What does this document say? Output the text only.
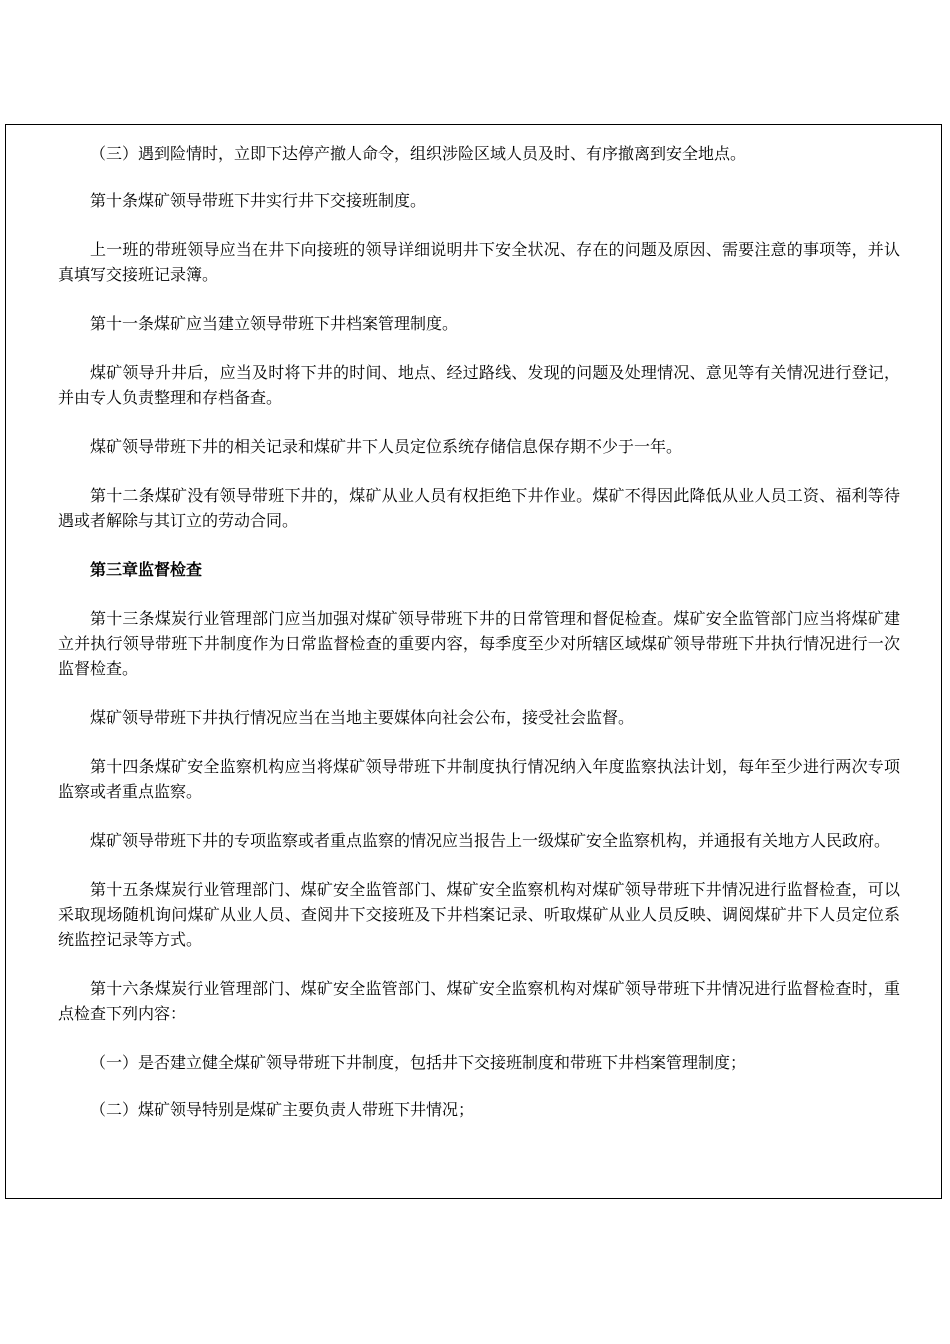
（三）遇到险情时，立即下达停产撤人命令，组织涉险区域人员及时、有序撤离到安全地点。

第十条煤矿领导带班下井实行井下交接班制度。

上一班的带班领导应当在井下向接班的领导详细说明井下安全状况、存在的问题及原因、需要注意的事项等，并认真填写交接班记录簿。

第十一条煤矿应当建立领导带班下井档案管理制度。

煤矿领导升井后，应当及时将下井的时间、地点、经过路线、发现的问题及处理情况、意见等有关情况进行登记，并由专人负责整理和存档备查。

煤矿领导带班下井的相关记录和煤矿井下人员定位系统存储信息保存期不少于一年。

第十二条煤矿没有领导带班下井的，煤矿从业人员有权拒绝下井作业。煤矿不得因此降低从业人员工资、福利等待遇或者解除与其订立的劳动合同。

第三章监督检查

第十三条煤炭行业管理部门应当加强对煤矿领导带班下井的日常管理和督促检查。煤矿安全监管部门应当将煤矿建立并执行领导带班下井制度作为日常监督检查的重要内容，每季度至少对所辖区域煤矿领导带班下井执行情况进行一次监督检查。

煤矿领导带班下井执行情况应当在当地主要媒体向社会公布，接受社会监督。

第十四条煤矿安全监察机构应当将煤矿领导带班下井制度执行情况纳入年度监察执法计划，每年至少进行两次专项监察或者重点监察。

煤矿领导带班下井的专项监察或者重点监察的情况应当报告上一级煤矿安全监察机构，并通报有关地方人民政府。

第十五条煤炭行业管理部门、煤矿安全监管部门、煤矿安全监察机构对煤矿领导带班下井情况进行监督检查，可以采取现场随机询问煤矿从业人员、查阅井下交接班及下井档案记录、听取煤矿从业人员反映、调阅煤矿井下人员定位系统监控记录等方式。

第十六条煤炭行业管理部门、煤矿安全监管部门、煤矿安全监察机构对煤矿领导带班下井情况进行监督检查时，重点检查下列内容：

（一）是否建立健全煤矿领导带班下井制度，包括井下交接班制度和带班下井档案管理制度；

（二）煤矿领导特别是煤矿主要负责人带班下井情况；
